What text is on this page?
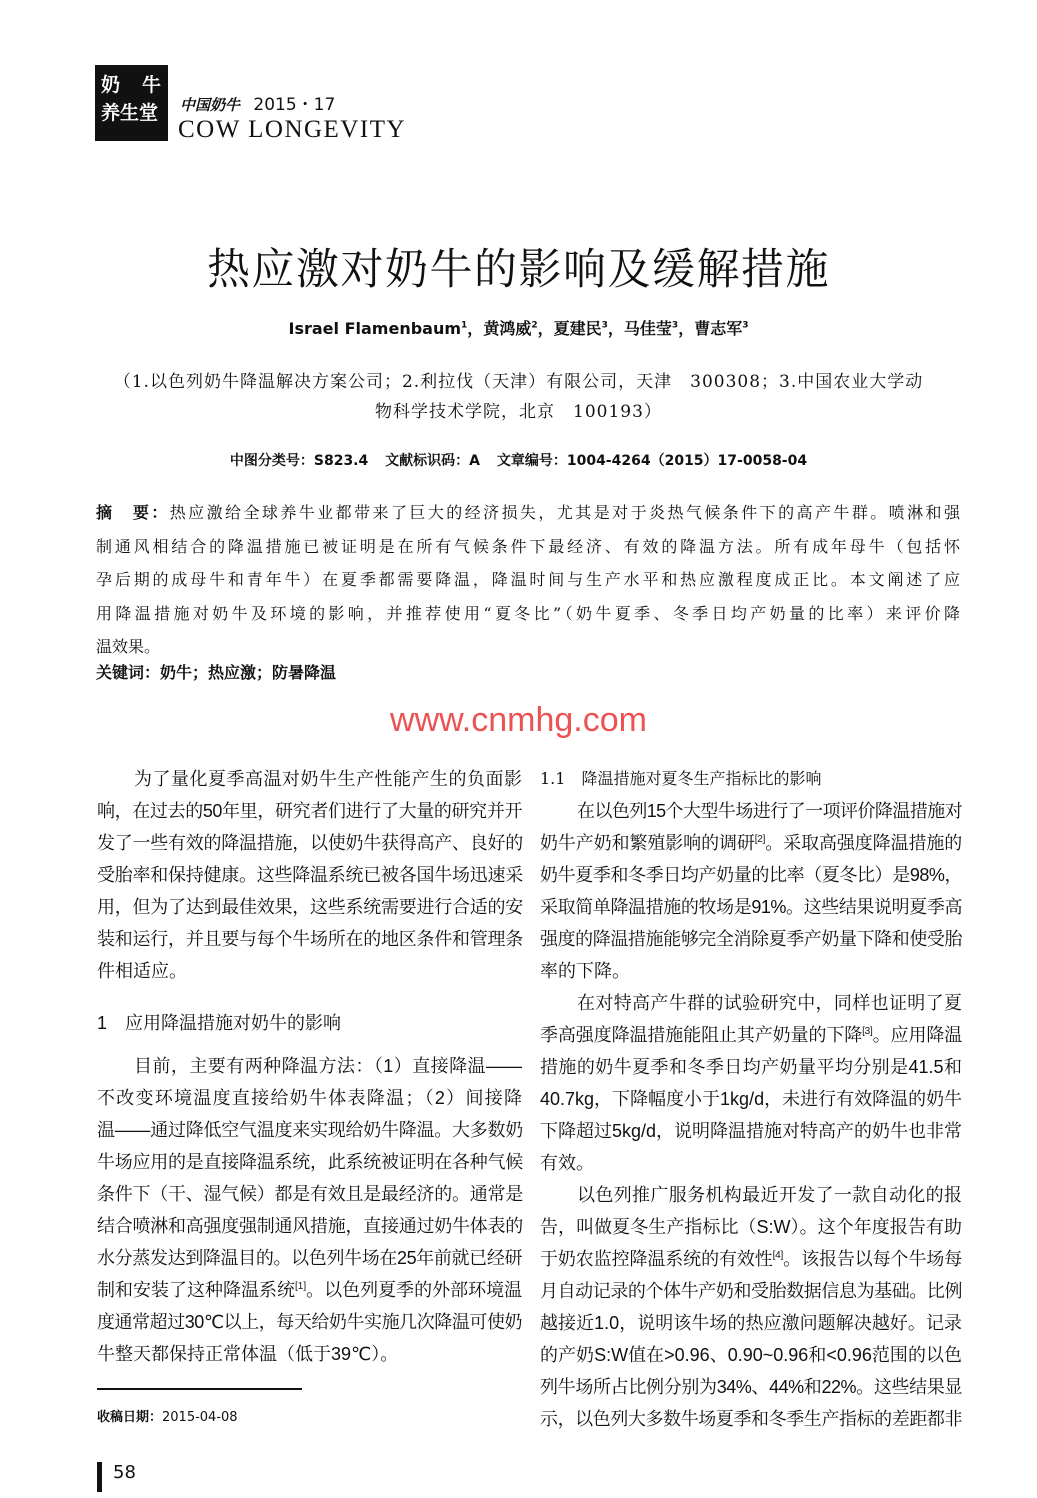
奶 牛
养生堂	中国奶牛 2015・17
COW LONGEVITY
热应激对奶牛的影响及缓解措施
Israel Flamenbaum$^1$，黄鸿威$^2$，夏建民$^3$，马佳莹$^3$，曹志军$^3$
（1.以色列奶牛降温解决方案公司；2.利拉伐（天津）有限公司，天津　300308；3.中国农业大学动
物科学技术学院，北京　100193）
中图分类号：S823.4 文献标识码：A 文章编号：1004-4264（2015）17-0058-04
摘　要：热应激给全球养牛业都带来了巨大的经济损失，尤其是对于炎热气候条件下的高产牛群。喷淋和强
制通风相结合的降温措施已被证明是在所有气候条件下最经济、有效的降温方法。所有成年母牛（包括怀
孕后期的成母牛和青年牛）在夏季都需要降温，降温时间与生产水平和热应激程度成正比。本文阐述了应
用降温措施对奶牛及环境的影响，并推荐使用“夏冬比”（奶牛夏季、冬季日均产奶量的比率）来评价降
温效果。
关键词：奶牛；热应激；防暑降温
www.cnmhg.com
为了量化夏季高温对奶牛生产性能产生的负面影
响，在过去的50年里，研究者们进行了大量的研究并开
发了一些有效的降温措施，以使奶牛获得高产、良好的
受胎率和保持健康。这些降温系统已被各国牛场迅速采
用，但为了达到最佳效果，这些系统需要进行合适的安
装和运行，并且要与每个牛场所在的地区条件和管理条
件相适应。
1　应用降温措施对奶牛的影响
目前，主要有两种降温方法：（1）直接降温——
不改变环境温度直接给奶牛体表降温；（2）间接降
温——通过降低空气温度来实现给奶牛降温。大多数奶
牛场应用的是直接降温系统，此系统被证明在各种气候
条件下（干、湿气候）都是有效且是最经济的。通常是
结合喷淋和高强度强制通风措施，直接通过奶牛体表的
水分蒸发达到降温目的。以色列牛场在25年前就已经研
制和安装了这种降温系统[1]。以色列夏季的外部环境温
度通常超过30℃以上，每天给奶牛实施几次降温可使奶
牛整天都保持正常体温（低于39℃）。
1.1　降温措施对夏冬生产指标比的影响
在以色列15个大型牛场进行了一项评价降温措施对
奶牛产奶和繁殖影响的调研[2]。采取高强度降温措施的
奶牛夏季和冬季日均产奶量的比率（夏冬比）是98%，
采取简单降温措施的牧场是91%。这些结果说明夏季高
强度的降温措施能够完全消除夏季产奶量下降和使受胎
率的下降。
在对特高产牛群的试验研究中，同样也证明了夏
季高强度降温措施能阻止其产奶量的下降[3]。应用降温
措施的奶牛夏季和冬季日均产奶量平均分别是41.5和
40.7kg，下降幅度小于1kg/d，未进行有效降温的奶牛
下降超过5kg/d，说明降温措施对特高产的奶牛也非常
有效。
以色列推广服务机构最近开发了一款自动化的报
告，叫做夏冬生产指标比（S:W）。这个年度报告有助
于奶农监控降温系统的有效性[4]。该报告以每个牛场每
月自动记录的个体牛产奶和受胎数据信息为基础。比例
越接近1.0，说明该牛场的热应激问题解决越好。记录
的产奶S:W值在>0.96、0.90~0.96和<0.96范围的以色
列牛场所占比例分别为34%、44%和22%。这些结果显
示，以色列大多数牛场夏季和冬季生产指标的差距都非
收稿日期：2015-04-08
58
